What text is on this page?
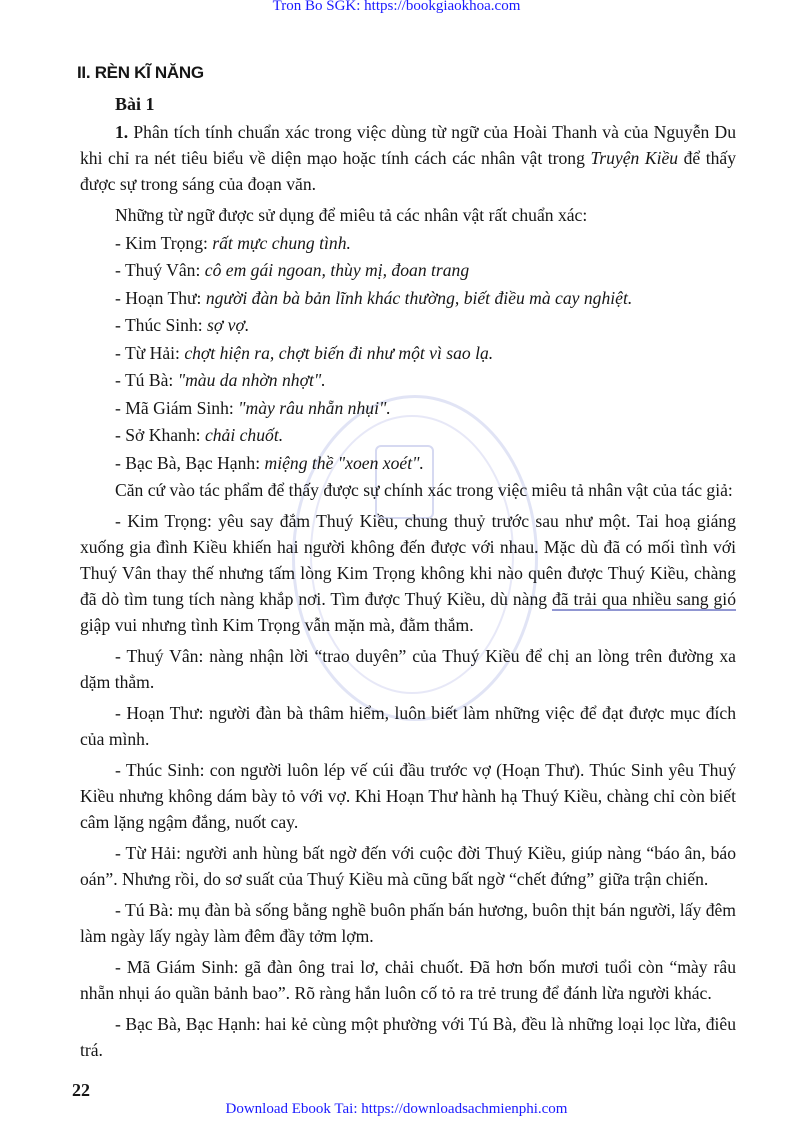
Tron Bo SGK: https://bookgiaokhoa.com
II. RÈN KĨ NĂNG
Bài 1

1. Phân tích tính chuẩn xác trong việc dùng từ ngữ của Hoài Thanh và của Nguyễn Du khi chỉ ra nét tiêu biểu về diện mạo hoặc tính cách các nhân vật trong Truyện Kiều để thấy được sự trong sáng của đoạn văn.

Những từ ngữ được sử dụng để miêu tả các nhân vật rất chuẩn xác:

- Kim Trọng: rất mực chung tình.
- Thuý Vân: cô em gái ngoan, thùy mị, đoan trang
- Hoạn Thư: người đàn bà bản lĩnh khác thường, biết điều mà cay nghiệt.
- Thúc Sinh: sợ vợ.
- Từ Hải: chợt hiện ra, chợt biến đi như một vì sao lạ.
- Tú Bà: "màu da nhờn nhợt".
- Mã Giám Sinh: "mày râu nhẵn nhụi".
- Sở Khanh: chải chuốt.
- Bạc Bà, Bạc Hạnh: miệng thề "xoen xoét".

Căn cứ vào tác phẩm để thấy được sự chính xác trong việc miêu tả nhân vật của tác giả:

- Kim Trọng: yêu say đắm Thuý Kiều, chung thuỷ trước sau như một. Tai hoạ giáng xuống gia đình Kiều khiến hai người không đến được với nhau. Mặc dù đã có mối tình với Thuý Vân thay thế nhưng tấm lòng Kim Trọng không khi nào quên được Thuý Kiều, chàng đã dò tìm tung tích nàng khắp nơi. Tìm được Thuý Kiều, dù nàng đã trải qua nhiều sang gió giập vui nhưng tình Kim Trọng vẫn mặn mà, đằm thắm.

- Thuý Vân: nàng nhận lời “trao duyên” của Thuý Kiều để chị an lòng trên đường xa dặm thẳm.

- Hoạn Thư: người đàn bà thâm hiểm, luôn biết làm những việc để đạt được mục đích của mình.

- Thúc Sinh: con người luôn lép vế cúi đầu trước vợ (Hoạn Thư). Thúc Sinh yêu Thuý Kiều nhưng không dám bày tỏ với vợ. Khi Hoạn Thư hành hạ Thuý Kiều, chàng chỉ còn biết câm lặng ngậm đắng, nuốt cay.

- Từ Hải: người anh hùng bất ngờ đến với cuộc đời Thuý Kiều, giúp nàng “báo ân, báo oán”. Nhưng rồi, do sơ suất của Thuý Kiều mà cũng bất ngờ “chết đứng” giữa trận chiến.

- Tú Bà: mụ đàn bà sống bằng nghề buôn phấn bán hương, buôn thịt bán người, lấy đêm làm ngày lấy ngày làm đêm đầy tởm lợm.

- Mã Giám Sinh: gã đàn ông trai lơ, chải chuốt. Đã hơn bốn mươi tuổi còn “mày râu nhẵn nhụi áo quần bảnh bao”. Rõ ràng hắn luôn cố tỏ ra trẻ trung để đánh lừa người khác.

- Bạc Bà, Bạc Hạnh: hai kẻ cùng một phường với Tú Bà, đều là những loại lọc lừa, điêu trá.

22
Download Ebook Tai: https://downloadsachmienphi.com
